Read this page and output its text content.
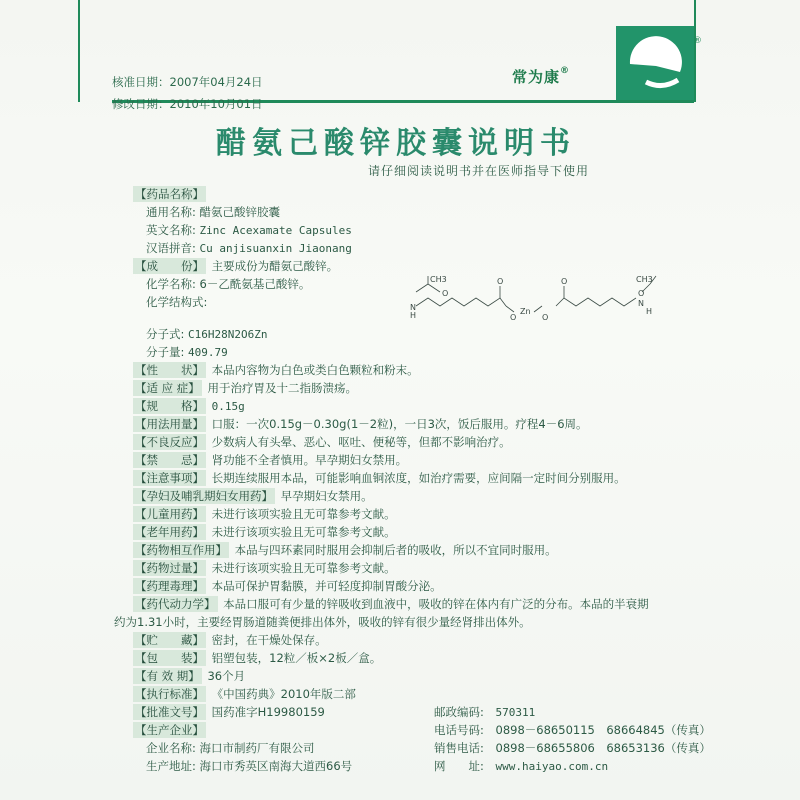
核准日期：2007年04月24日
修改日期：2010年10月01日
常为康®
®
醋氨己酸锌胶囊说明书
请仔细阅读说明书并在医师指导下使用
【药品名称】
通用名称: 醋氨己酸锌胶囊
英文名称: Zinc Acexamate Capsules
汉语拼音: Cu anjisuanxin Jiaonang
【成　　份】 主要成份为醋氨己酸锌。
化学名称: 6－乙酰氨基己酸锌。
化学结构式:	N
H
CH3
O
O
O
Zn
O
O
O
CH3
N
H
分子式: C16H28N2O6Zn
分子量: 409.79
【性　　状】 本品内容物为白色或类白色颗粒和粉末。
【适 应 症】 用于治疗胃及十二指肠溃疡。
【规　　格】 0.15g
【用法用量】 口服：一次0.15g－0.30g(1－2粒)，一日3次，饭后服用。疗程4－6周。
【不良反应】 少数病人有头晕、恶心、呕吐、便秘等，但都不影响治疗。
【禁　　忌】 肾功能不全者慎用。早孕期妇女禁用。
【注意事项】 长期连续服用本品，可能影响血铜浓度，如治疗需要，应间隔一定时间分别服用。
【孕妇及哺乳期妇女用药】 早孕期妇女禁用。
【儿童用药】 未进行该项实验且无可靠参考文献。
【老年用药】 未进行该项实验且无可靠参考文献。
【药物相互作用】 本品与四环素同时服用会抑制后者的吸收，所以不宜同时服用。
【药物过量】 未进行该项实验且无可靠参考文献。
【药理毒理】 本品可保护胃黏膜，并可轻度抑制胃酸分泌。
【药代动力学】 本品口服可有少量的锌吸收到血液中，吸收的锌在体内有广泛的分布。本品的半衰期
约为1.31小时，主要经胃肠道随粪便排出体外，吸收的锌有很少量经肾排出体外。
【贮　　藏】 密封，在干燥处保存。
【包　　装】 铝塑包装，12粒／板×2板／盒。
【有 效 期】 36个月
【执行标准】 《中国药典》2010年版二部
【批准文号】 国药准字H19980159
【生产企业】
企业名称: 海口市制药厂有限公司
生产地址: 海口市秀英区南海大道西66号
邮政编码: 570311
电话号码: 0898－68650115　68664845（传真）
销售电话: 0898－68655806　68653136（传真）
网　　址: www.haiyao.com.cn
